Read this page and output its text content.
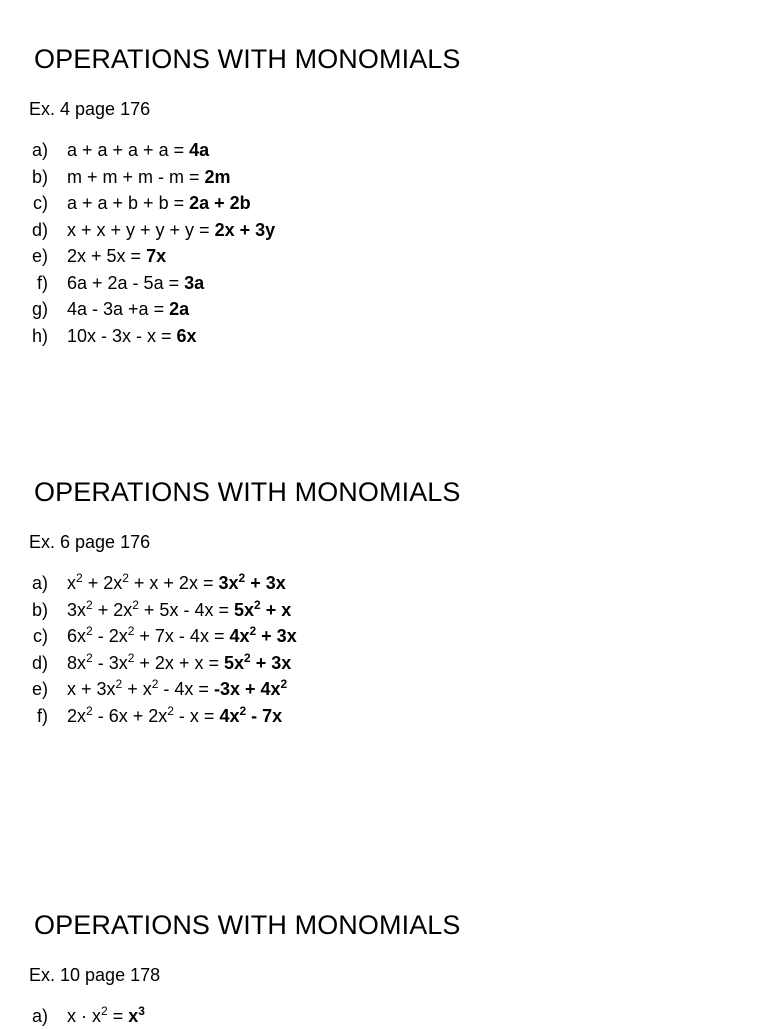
OPERATIONS WITH MONOMIALS
Ex. 4 page 176
a) a + a + a + a = 4a
b) m + m + m - m = 2m
c) a + a + b + b = 2a + 2b
d) x + x + y + y + y = 2x + 3y
e) 2x + 5x = 7x
f) 6a + 2a - 5a = 3a
g) 4a - 3a +a = 2a
h) 10x - 3x - x = 6x
OPERATIONS WITH MONOMIALS
Ex. 6 page 176
a) $x^2 + 2x^2 + x + 2x = 3x^2 + 3x$
b) $3x^2 + 2x^2 + 5x - 4x = 5x^2 + x$
c) $6x^2 - 2x^2 + 7x - 4x = 4x^2 + 3x$
d) $8x^2 - 3x^2 + 2x + x = 5x^2 + 3x$
e) $x + 3x^2 + x^2 - 4x = -3x + 4x^2$
f) $2x^2 - 6x + 2x^2 - x = 4x^2 - 7x$
OPERATIONS WITH MONOMIALS
Ex. 10 page 178
a) $x \cdot x^2 = x^3$
